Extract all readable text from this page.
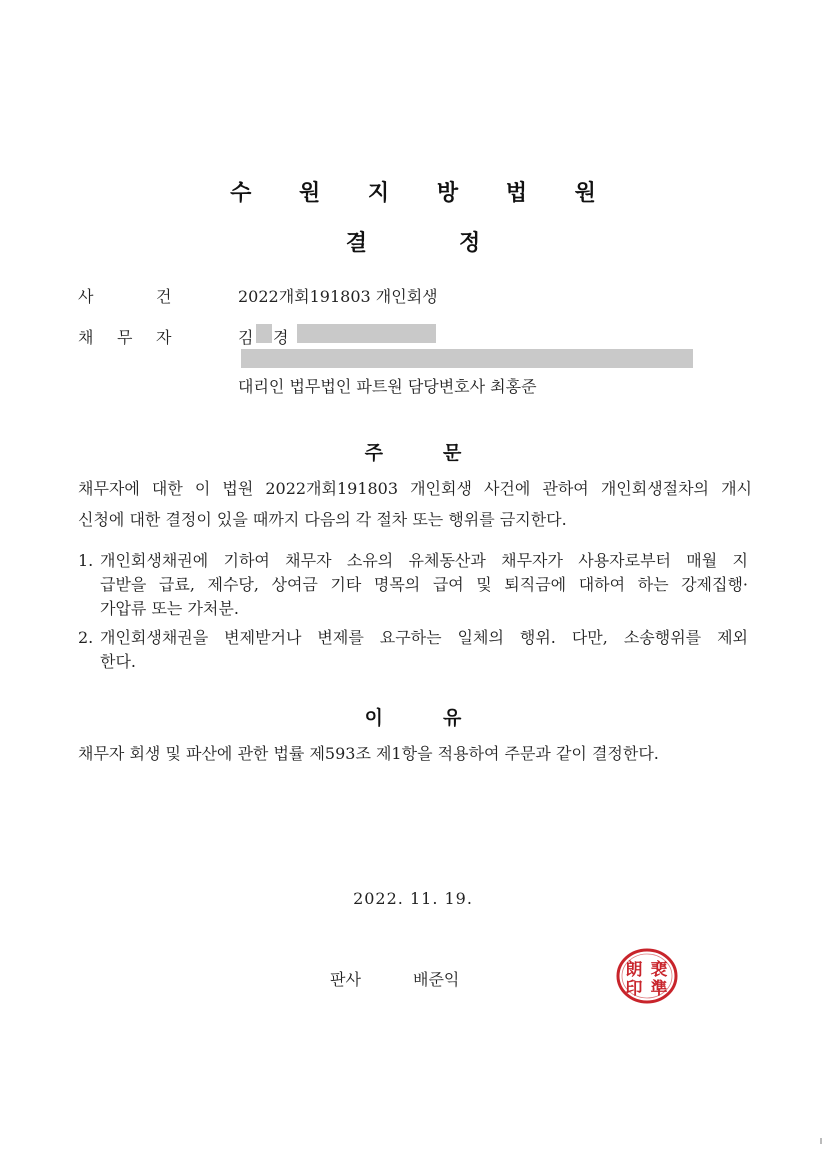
수 원 지 방 법 원
결	정
사	건	2022개회191803 개인회생
채 무 자	김 경
대리인 법무법인 파트원 담당변호사 최홍준
주	문
채무자에 대한 이 법원 2022개회191803 개인회생 사건에 관하여 개인회생절차의 개시
신청에 대한 결정이 있을 때까지 다음의 각 절차 또는 행위를 금지한다.
1. 개인회생채권에 기하여 채무자 소유의 유체동산과 채무자가 사용자로부터 매월 지
급받을 급료, 제수당, 상여금 기타 명목의 급여 및 퇴직금에 대하여 하는 강제집행·
가압류 또는 가처분.
2. 개인회생채권을 변제받거나 변제를 요구하는 일체의 행위. 다만, 소송행위를 제외
한다.
이	유
채무자 회생 및 파산에 관한 법률 제593조 제1항을 적용하여 주문과 같이 결정한다.
2022. 11. 19.
판사	배준익	朗 裵
印 準
